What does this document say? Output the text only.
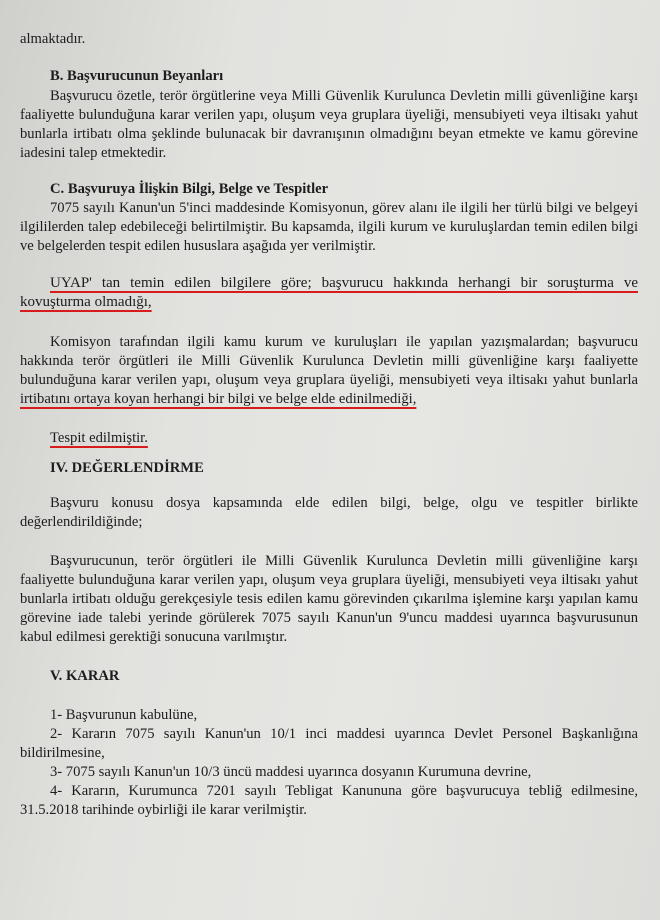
almaktadır.

B. Başvurucunun Beyanları

Başvurucu özetle, terör örgütlerine veya Milli Güvenlik Kurulunca Devletin milli güvenliğine karşı faaliyette bulunduğuna karar verilen yapı, oluşum veya gruplara üyeliği, mensubiyeti veya iltisakı yahut bunlarla irtibatı olma şeklinde bulunacak bir davranışının olmadığını beyan etmekte ve kamu görevine iadesini talep etmektedir.

C. Başvuruya İlişkin Bilgi, Belge ve Tespitler

7075 sayılı Kanun'un 5'inci maddesinde Komisyonun, görev alanı ile ilgili her türlü bilgi ve belgeyi ilgililerden talep edebileceği belirtilmiştir. Bu kapsamda, ilgili kurum ve kuruluşlardan temin edilen bilgi ve belgelerden tespit edilen hususlara aşağıda yer verilmiştir.

UYAP' tan temin edilen bilgilere göre; başvurucu hakkında herhangi bir soruşturma ve kovuşturma olmadığı,

Komisyon tarafından ilgili kamu kurum ve kuruluşları ile yapılan yazışmalardan; başvurucu hakkında terör örgütleri ile Milli Güvenlik Kurulunca Devletin milli güvenliğine karşı faaliyette bulunduğuna karar verilen yapı, oluşum veya gruplara üyeliği, mensubiyeti veya iltisakı yahut bunlarla irtibatını ortaya koyan herhangi bir bilgi ve belge elde edinilmediği,

Tespit edilmiştir.

IV. DEĞERLENDİRME

Başvuru konusu dosya kapsamında elde edilen bilgi, belge, olgu ve tespitler birlikte değerlendirildiğinde;

Başvurucunun, terör örgütleri ile Milli Güvenlik Kurulunca Devletin milli güvenliğine karşı faaliyette bulunduğuna karar verilen yapı, oluşum veya gruplara üyeliği, mensubiyeti veya iltisakı yahut bunlarla irtibatı olduğu gerekçesiyle tesis edilen kamu görevinden çıkarılma işlemine karşı yapılan kamu görevine iade talebi yerinde görülerek 7075 sayılı Kanun'un 9'uncu maddesi uyarınca başvurusunun kabul edilmesi gerektiği sonucuna varılmıştır.

V. KARAR

1- Başvurunun kabulüne,

2- Kararın 7075 sayılı Kanun'un 10/1 inci maddesi uyarınca Devlet Personel Başkanlığına bildirilmesine,

3- 7075 sayılı Kanun'un 10/3 üncü maddesi uyarınca dosyanın Kurumuna devrine,

4- Kararın, Kurumunca 7201 sayılı Tebligat Kanununa göre başvurucuya tebliğ edilmesine, 31.5.2018 tarihinde oybirliği ile karar verilmiştir.
